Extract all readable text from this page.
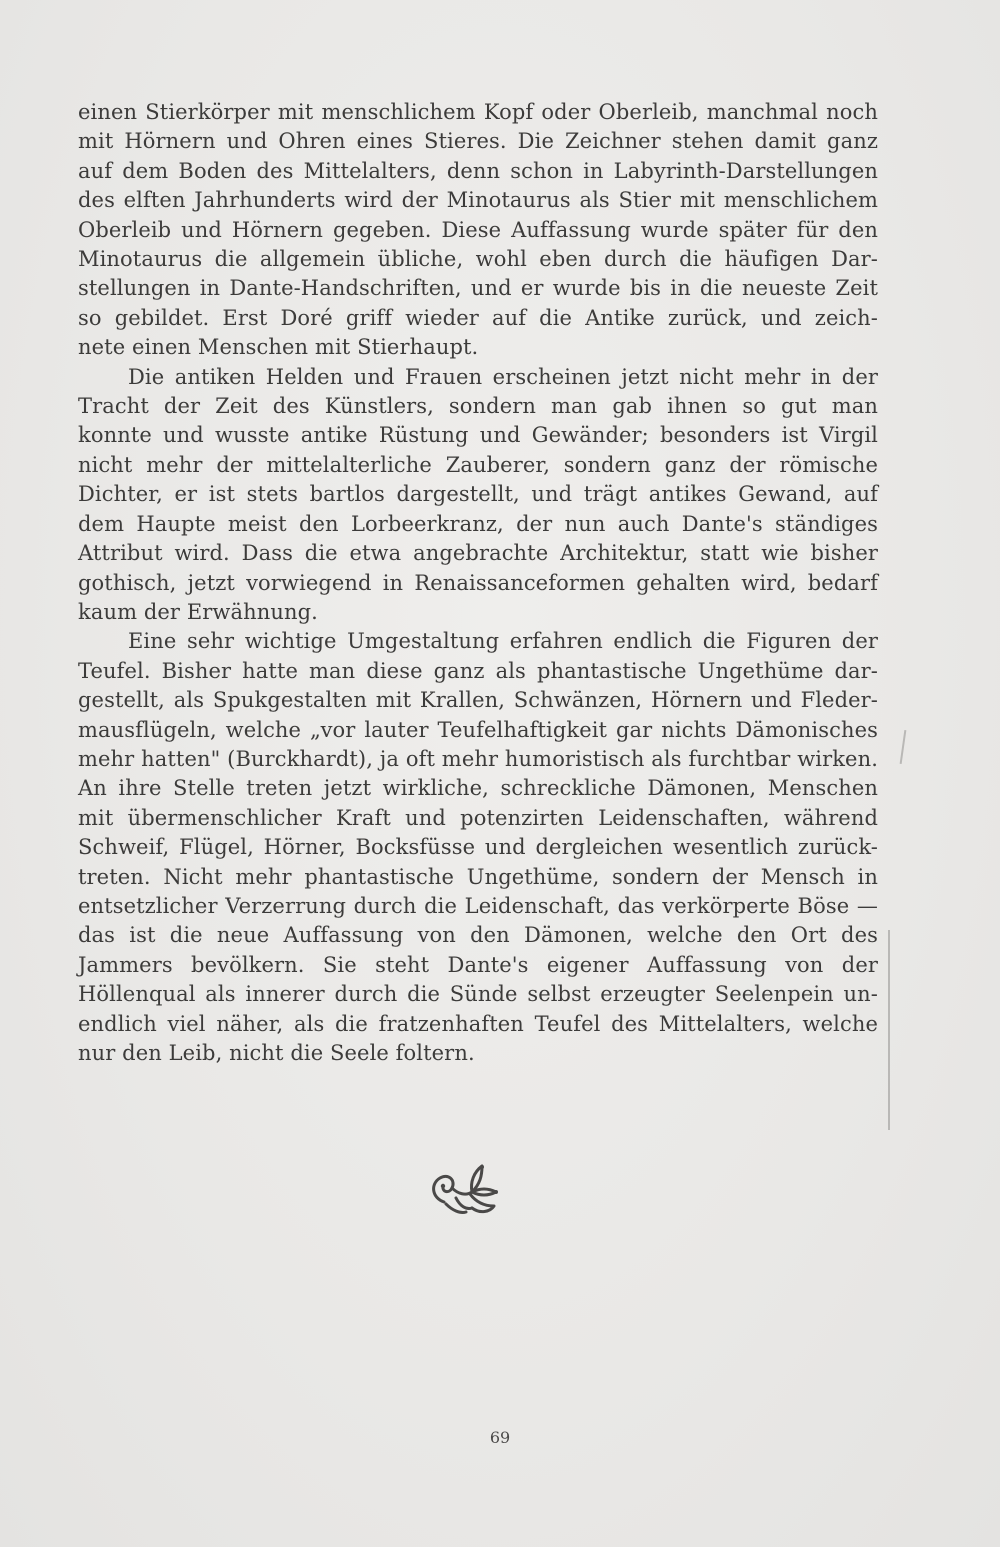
einen Stierkörper mit menschlichem Kopf oder Oberleib, manchmal noch
mit Hörnern und Ohren eines Stieres. Die Zeichner stehen damit ganz
auf dem Boden des Mittelalters, denn schon in Labyrinth-Darstellungen
des elften Jahrhunderts wird der Minotaurus als Stier mit menschlichem
Oberleib und Hörnern gegeben. Diese Auffassung wurde später für den
Minotaurus die allgemein übliche, wohl eben durch die häufigen Dar-
stellungen in Dante-Handschriften, und er wurde bis in die neueste Zeit
so gebildet. Erst Doré griff wieder auf die Antike zurück, und zeich-
nete einen Menschen mit Stierhaupt.

Die antiken Helden und Frauen erscheinen jetzt nicht mehr in der
Tracht der Zeit des Künstlers, sondern man gab ihnen so gut man
konnte und wusste antike Rüstung und Gewänder; besonders ist Virgil
nicht mehr der mittelalterliche Zauberer, sondern ganz der römische
Dichter, er ist stets bartlos dargestellt, und trägt antikes Gewand, auf
dem Haupte meist den Lorbeerkranz, der nun auch Dante's ständiges
Attribut wird. Dass die etwa angebrachte Architektur, statt wie bisher
gothisch, jetzt vorwiegend in Renaissanceformen gehalten wird, bedarf
kaum der Erwähnung.

Eine sehr wichtige Umgestaltung erfahren endlich die Figuren der
Teufel. Bisher hatte man diese ganz als phantastische Ungethüme dar-
gestellt, als Spukgestalten mit Krallen, Schwänzen, Hörnern und Fleder-
mausflügeln, welche „vor lauter Teufelhaftigkeit gar nichts Dämonisches
mehr hatten" (Burckhardt), ja oft mehr humoristisch als furchtbar wirken.
An ihre Stelle treten jetzt wirkliche, schreckliche Dämonen, Menschen
mit übermenschlicher Kraft und potenzirten Leidenschaften, während
Schweif, Flügel, Hörner, Bocksfüsse und dergleichen wesentlich zurück-
treten. Nicht mehr phantastische Ungethüme, sondern der Mensch in
entsetzlicher Verzerrung durch die Leidenschaft, das verkörperte Böse —
das ist die neue Auffassung von den Dämonen, welche den Ort des
Jammers bevölkern. Sie steht Dante's eigener Auffassung von der
Höllenqual als innerer durch die Sünde selbst erzeugter Seelenpein un-
endlich viel näher, als die fratzenhaften Teufel des Mittelalters, welche
nur den Leib, nicht die Seele foltern.

69
